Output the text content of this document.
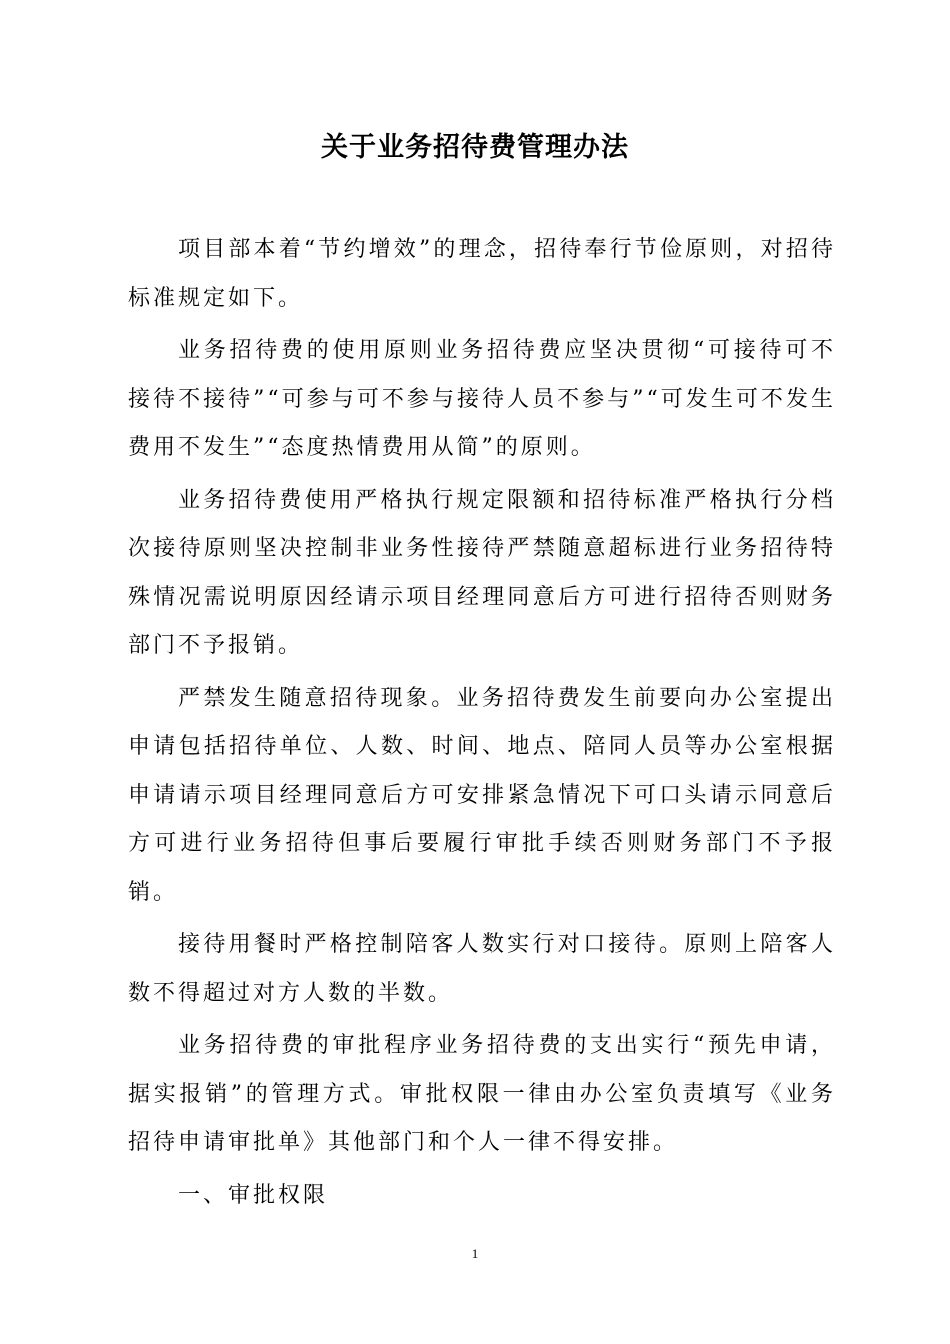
关于业务招待费管理办法

项目部本着“节约增效”的理念，招待奉行节俭原则，对招待标准规定如下。

业务招待费的使用原则业务招待费应坚决贯彻“可接待可不接待不接待”“可参与可不参与接待人员不参与”“可发生可不发生费用不发生”“态度热情费用从简”的原则。

业务招待费使用严格执行规定限额和招待标准严格执行分档次接待原则坚决控制非业务性接待严禁随意超标进行业务招待特殊情况需说明原因经请示项目经理同意后方可进行招待否则财务部门不予报销。

严禁发生随意招待现象。业务招待费发生前要向办公室提出申请包括招待单位、人数、时间、地点、陪同人员等办公室根据申请请示项目经理同意后方可安排紧急情况下可口头请示同意后方可进行业务招待但事后要履行审批手续否则财务部门不予报销。

接待用餐时严格控制陪客人数实行对口接待。原则上陪客人数不得超过对方人数的半数。

业务招待费的审批程序业务招待费的支出实行“预先申请，据实报销”的管理方式。审批权限一律由办公室负责填写《业务招待申请审批单》其他部门和个人一律不得安排。

一、审批权限

1
